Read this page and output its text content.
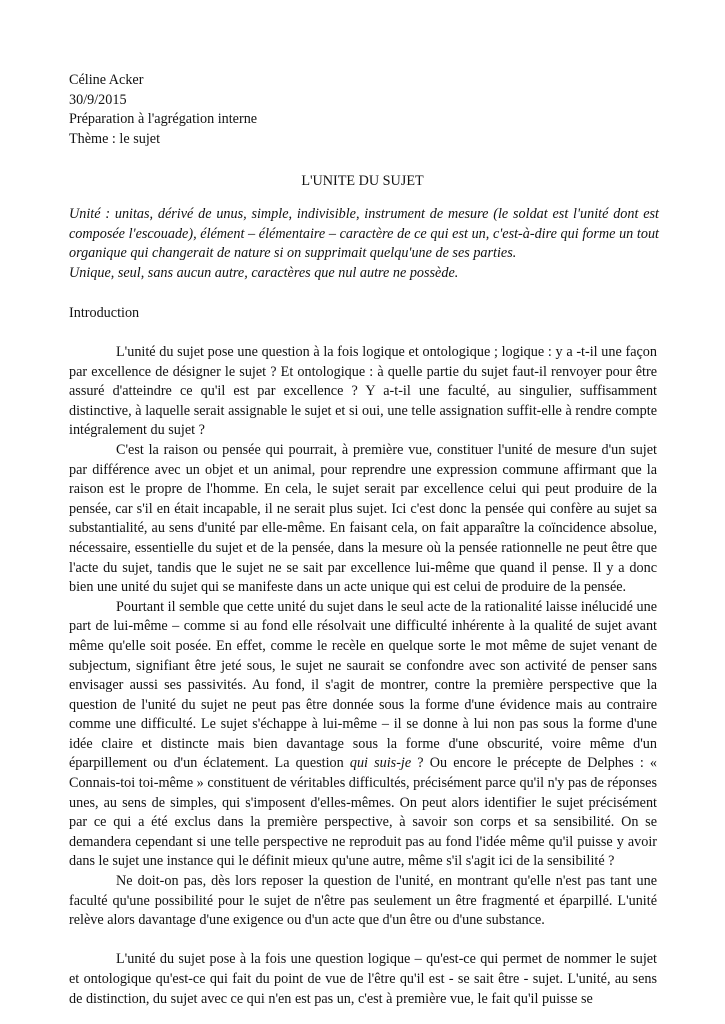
Céline Acker
30/9/2015
Préparation à l'agrégation interne
Thème : le sujet
L'UNITE DU SUJET

Unité : unitas, dérivé de unus, simple, indivisible, instrument de mesure (le soldat est l'unité dont est composée l'escouade), élément – élémentaire – caractère de ce qui est un, c'est-à-dire qui forme un tout organique qui changerait de nature si on supprimait quelqu'une de ses parties.

Unique, seul, sans aucun autre, caractères que nul autre ne possède.

Introduction

L'unité du sujet pose une question à la fois logique et ontologique ; logique : y a -t-il une façon par excellence de désigner le sujet ? Et ontologique : à quelle partie du sujet faut-il renvoyer pour être assuré d'atteindre ce qu'il est par excellence ? Y a-t-il une faculté, au singulier, suffisamment distinctive, à laquelle serait assignable le sujet et si oui, une telle assignation suffit-elle à rendre compte intégralement du sujet ?

C'est la raison ou pensée qui pourrait, à première vue, constituer l'unité de mesure d'un sujet par différence avec un objet et un animal, pour reprendre une expression commune affirmant que la raison est le propre de l'homme. En cela, le sujet serait par excellence celui qui peut produire de la pensée, car s'il en était incapable, il ne serait plus sujet. Ici c'est donc la pensée qui confère au sujet sa substantialité, au sens d'unité par elle-même. En faisant cela, on fait apparaître la coïncidence absolue, nécessaire, essentielle du sujet et de la pensée, dans la mesure où la pensée rationnelle ne peut être que l'acte du sujet, tandis que le sujet ne se sait par excellence lui-même que quand il pense. Il y a donc bien une unité du sujet qui se manifeste dans un acte unique qui est celui de produire de la pensée.

Pourtant il semble que cette unité du sujet dans le seul acte de la rationalité laisse inélucidé une part de lui-même – comme si au fond elle résolvait une difficulté inhérente à la qualité de sujet avant même qu'elle soit posée. En effet, comme le recèle en quelque sorte le mot même de sujet venant de subjectum, signifiant être jeté sous, le sujet ne saurait se confondre avec son activité de penser sans envisager aussi ses passivités. Au fond, il s'agit de montrer, contre la première perspective que la question de l'unité du sujet ne peut pas être donnée sous la forme d'une évidence mais au contraire comme une difficulté. Le sujet s'échappe à lui-même – il se donne à lui non pas sous la forme d'une idée claire et distincte mais bien davantage sous la forme d'une obscurité, voire même d'un éparpillement ou d'un éclatement. La question qui suis-je ? Ou encore le précepte de Delphes : « Connais-toi toi-même » constituent de véritables difficultés, précisément parce qu'il n'y pas de réponses unes, au sens de simples, qui s'imposent d'elles-mêmes. On peut alors identifier le sujet précisément par ce qui a été exclus dans la première perspective, à savoir son corps et sa sensibilité. On se demandera cependant si une telle perspective ne reproduit pas au fond l'idée même qu'il puisse y avoir dans le sujet une instance qui le définit mieux qu'une autre, même s'il s'agit ici de la sensibilité ?

Ne doit-on pas, dès lors reposer la question de l'unité, en montrant qu'elle n'est pas tant une faculté qu'une possibilité pour le sujet de n'être pas seulement un être fragmenté et éparpillé. L'unité relève alors davantage d'une exigence ou d'un acte que d'un être ou d'une substance.

L'unité du sujet pose à la fois une question logique – qu'est-ce qui permet de nommer le sujet et ontologique qu'est-ce qui fait du point de vue de l'être qu'il est - se sait être - sujet. L'unité, au sens de distinction, du sujet avec ce qui n'en est pas un, c'est à première vue, le fait qu'il puisse se
